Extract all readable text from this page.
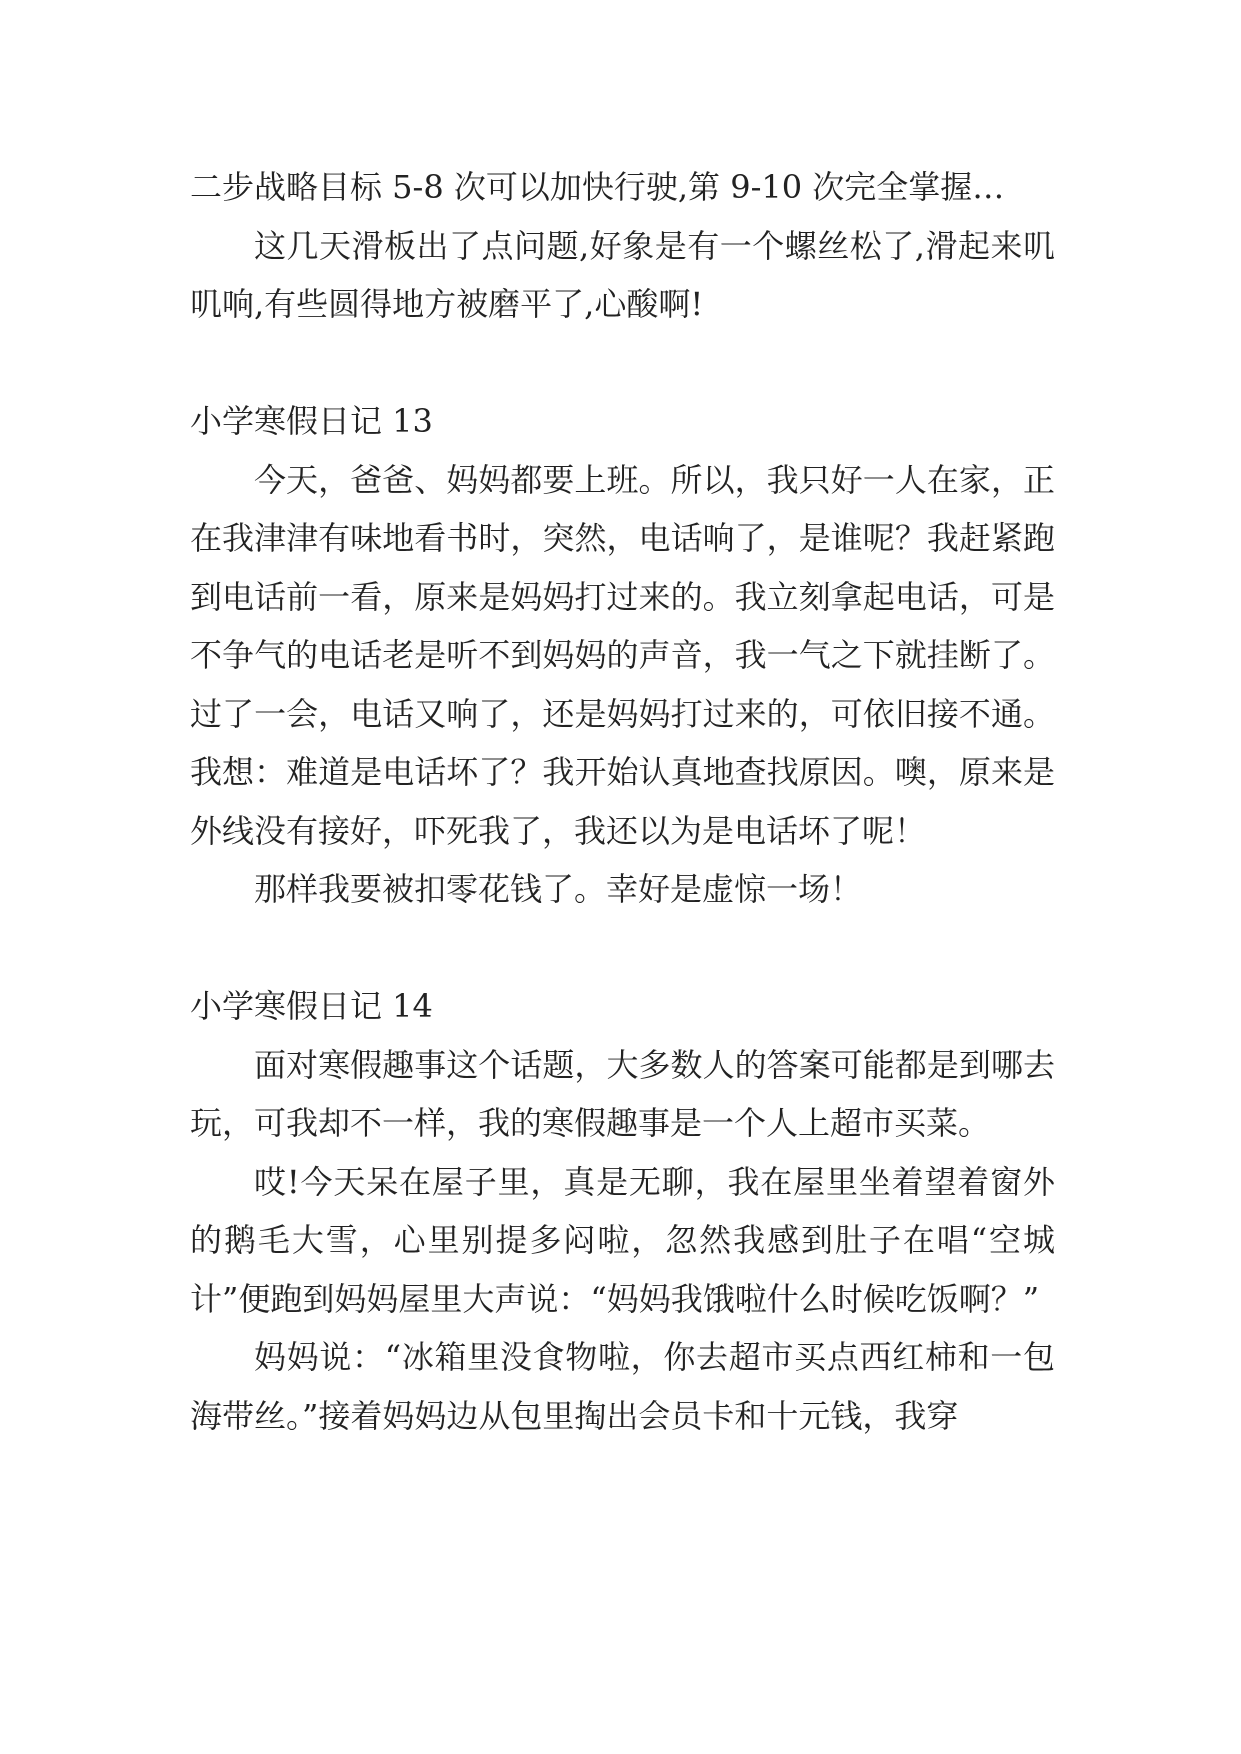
二步战略目标 5-8 次可以加快行驶,第 9-10 次完全掌握…

这几天滑板出了点问题,好象是有一个螺丝松了,滑起来叽叽响,有些圆得地方被磨平了,心酸啊!

小学寒假日记 13

今天，爸爸、妈妈都要上班。所以，我只好一人在家，正在我津津有味地看书时，突然，电话响了，是谁呢？我赶紧跑到电话前一看，原来是妈妈打过来的。我立刻拿起电话，可是不争气的电话老是听不到妈妈的声音，我一气之下就挂断了。过了一会，电话又响了，还是妈妈打过来的，可依旧接不通。我想：难道是电话坏了？我开始认真地查找原因。噢，原来是外线没有接好，吓死我了，我还以为是电话坏了呢！

那样我要被扣零花钱了。幸好是虚惊一场！

小学寒假日记 14

面对寒假趣事这个话题，大多数人的答案可能都是到哪去玩，可我却不一样，我的寒假趣事是一个人上超市买菜。

哎!今天呆在屋子里，真是无聊，我在屋里坐着望着窗外的鹅毛大雪，心里别提多闷啦，忽然我感到肚子在唱“空城计”便跑到妈妈屋里大声说：“妈妈我饿啦什么时候吃饭啊？”

妈妈说：“冰箱里没食物啦，你去超市买点西红柿和一包海带丝。”接着妈妈边从包里掏出会员卡和十元钱，我穿
